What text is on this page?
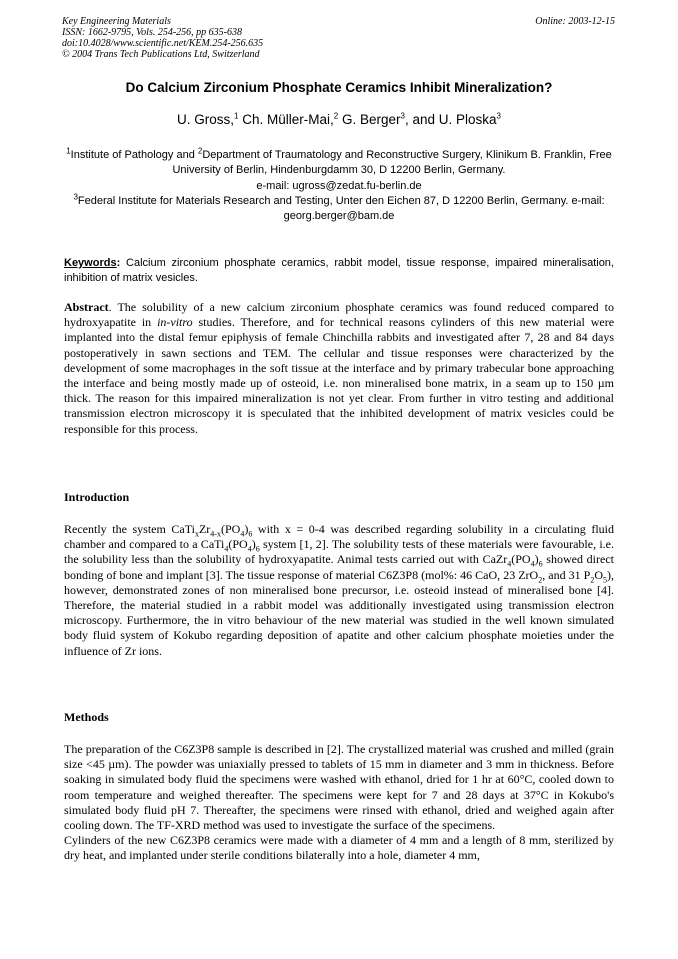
Key Engineering Materials
ISSN: 1662-9795, Vols. 254-256, pp 635-638
doi:10.4028/www.scientific.net/KEM.254-256.635
© 2004 Trans Tech Publications Ltd, Switzerland
Online: 2003-12-15
Do Calcium Zirconium Phosphate Ceramics Inhibit Mineralization?
U. Gross,$^1$ Ch. Müller-Mai,$^2$ G. Berger$^3$, and U. Ploska$^3$
$^1$Institute of Pathology and $^2$Department of Traumatology and Reconstructive Surgery, Klinikum B. Franklin, Free University of Berlin, Hindenburgdamm 30, D 12200 Berlin, Germany.
e-mail: ugross@zedat.fu-berlin.de
$^3$Federal Institute for Materials Research and Testing, Unter den Eichen 87, D 12200 Berlin, Germany. e-mail: georg.berger@bam.de
Keywords: Calcium zirconium phosphate ceramics, rabbit model, tissue response, impaired mineralisation, inhibition of matrix vesicles.
Abstract. The solubility of a new calcium zirconium phosphate ceramics was found reduced compared to hydroxyapatite in in-vitro studies. Therefore, and for technical reasons cylinders of this new material were implanted into the distal femur epiphysis of female Chinchilla rabbits and investigated after 7, 28 and 84 days postoperatively in sawn sections and TEM. The cellular and tissue responses were characterized by the development of some macrophages in the soft tissue at the interface and by primary trabecular bone approaching the interface and being mostly made up of osteoid, i.e. non mineralised bone matrix, in a seam up to 150 µm thick. The reason for this impaired mineralization is not yet clear. From further in vitro testing and additional transmission electron microscopy it is speculated that the inhibited development of matrix vesicles could be responsible for this process.
Introduction

Recently the system $CaTi_xZr_{4-x}(PO_4)_6$ with x = 0-4 was described regarding solubility in a circulating fluid chamber and compared to a $CaTi_4(PO_4)_6$ system [1, 2]. The solubility tests of these materials were favourable, i.e. the solubility less than the solubility of hydroxyapatite. Animal tests carried out with $CaZr_4(PO_4)_6$ showed direct bonding of bone and implant [3]. The tissue response of material C6Z3P8 (mol%: 46 CaO, 23 ZrO$_2$, and 31 $P_2O_5$), however, demonstrated zones of non mineralised bone precursor, i.e. osteoid instead of mineralised bone [4]. Therefore, the material studied in a rabbit model was additionally investigated using transmission electron microscopy. Furthermore, the in vitro behaviour of the new material was studied in the well known simulated body fluid system of Kokubo regarding deposition of apatite and other calcium phosphate moieties under the influence of Zr ions.

Methods

The preparation of the C6Z3P8 sample is described in [2]. The crystallized material was crushed and milled (grain size <45 µm). The powder was uniaxially pressed to tablets of 15 mm in diameter and 3 mm in thickness. Before soaking in simulated body fluid the specimens were washed with ethanol, dried for 1 hr at 60°C, cooled down to room temperature and weighed thereafter. The specimens were kept for 7 and 28 days at 37°C in Kokubo's simulated body fluid pH 7. Thereafter, the specimens were rinsed with ethanol, dried and weighed again after cooling down. The TF-XRD method was used to investigate the surface of the specimens.

Cylinders of the new C6Z3P8 ceramics were made with a diameter of 4 mm and a length of 8 mm, sterilized by dry heat, and implanted under sterile conditions bilaterally into a hole, diameter 4 mm,
